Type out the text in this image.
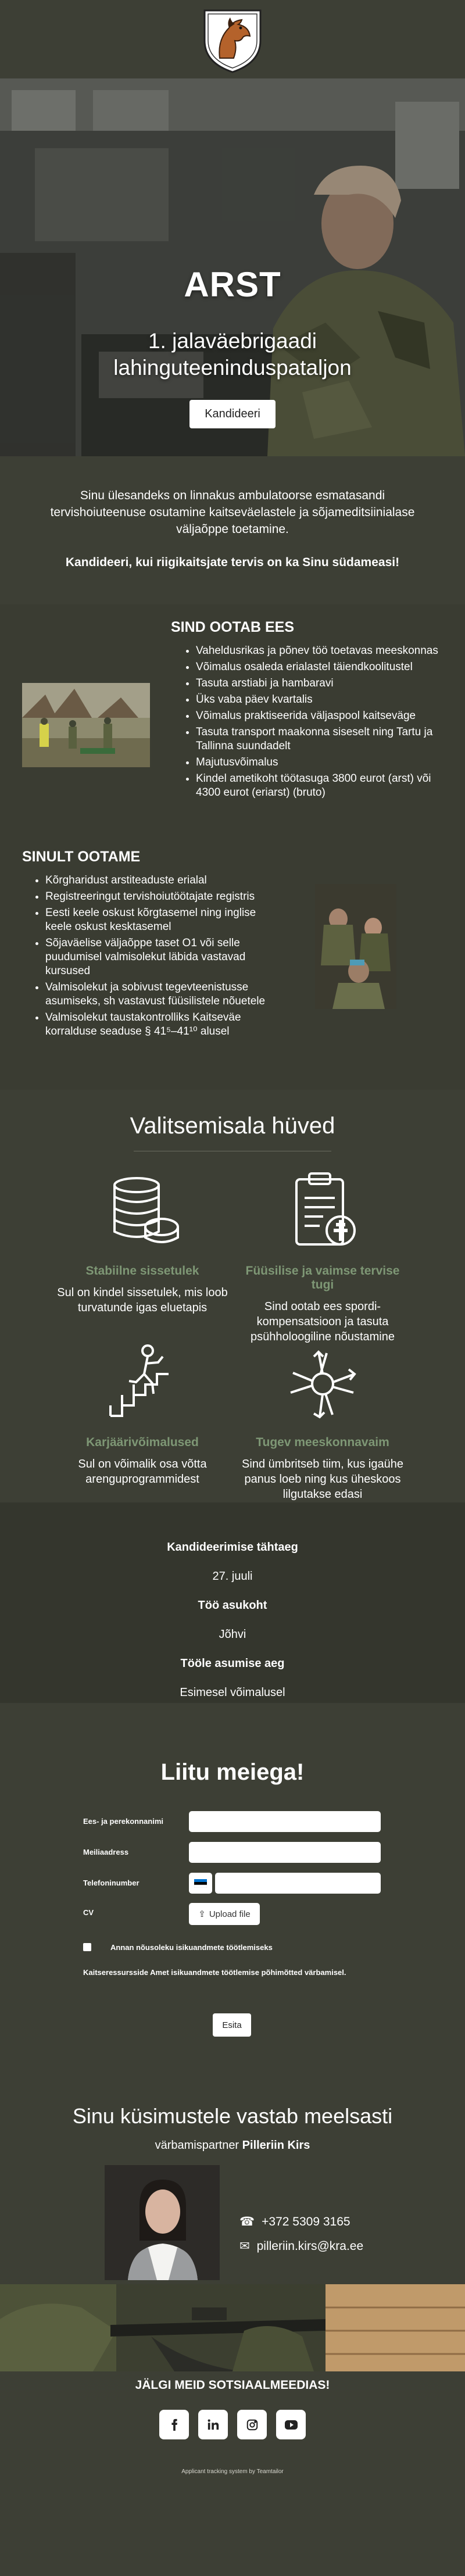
ARST
1. jalaväebrigaadi
lahinguteeninduspataljon
Kandideeri

Sinu ülesandeks on linnakus ambulatoorse esmatasandi tervishoiuteenuse osutamine kaitseväelastele ja sõjameditsiinialase väljaõppe toetamine.

Kandideeri, kui riigikaitsjate tervis on ka Sinu südameasi!

SIND OOTAB EES
• Vaheldusrikas ja põnev töö toetavas meeskonnas
• Võimalus osaleda erialastel täiendkoolitustel
• Tasuta arstiabi ja hambaravi
• Üks vaba päev kvartalis
• Võimalus praktiseerida väljaspool kaitseväge
• Tasuta transport maakonna siseselt ning Tartu ja Tallinna suundadelt
• Majutusvõimalus
• Kindel ametikoht töötasuga 3800 eurot (arst) või 4300 eurot (eriarst) (bruto)
SINULT OOTAME
• Kõrgharidust arstiteaduste erialal
• Registreeringut tervishoiutöötajate registris
• Eesti keele oskust kõrgtasemel ning inglise keele oskust kesktasemel
• Sõjaväelise väljaõppe taset O1 või selle puudumisel valmisolekut läbida vastavad kursused
• Valmisolekut ja sobivust tegevteenistusse asumiseks, sh vastavust füüsilistele nõuetele
• Valmisolekut taustakontrolliks Kaitseväe korralduse seaduse § 41⁵–41¹⁰ alusel
Valitsemisala hüved
Stabiilne sissetulek
Sul on kindel sissetulek, mis loob turvatunde igas eluetapis
Füüsilise ja vaimse tervise tugi
Sind ootab ees spordi-kompensatsioon ja tasuta psühholoogiline nõustamine
Karjäärivõimalused
Sul on võimalik osa võtta arenguprogrammidest
Tugev meeskonnavaim
Sind ümbritseb tiim, kus igaühe panus loeb ning kus üheskoos lilgutakse edasi
Kandideerimise tähtaeg
27. juuli
Töö asukoht
Jõhvi
Tööle asumise aeg
Esimesel võimalusel
Liitu meiega!
Ees- ja perekonnanimi
Meiliaadress
Telefoninumber
CV	⇪ Upload file
Annan nõusoleku isikuandmete töötlemiseks
Kaitseressursside Amet isikuandmete töötlemise põhimõtted värbamisel.
Esita
Sinu küsimustele vastab meelsasti
värbamispartner Pilleriin Kirs
☎ +372 5309 3165
✉ pilleriin.kirs@kra.ee
JÄLGI MEID SOTSIAALMEEDIAS!
Applicant tracking system by Teamtailor
